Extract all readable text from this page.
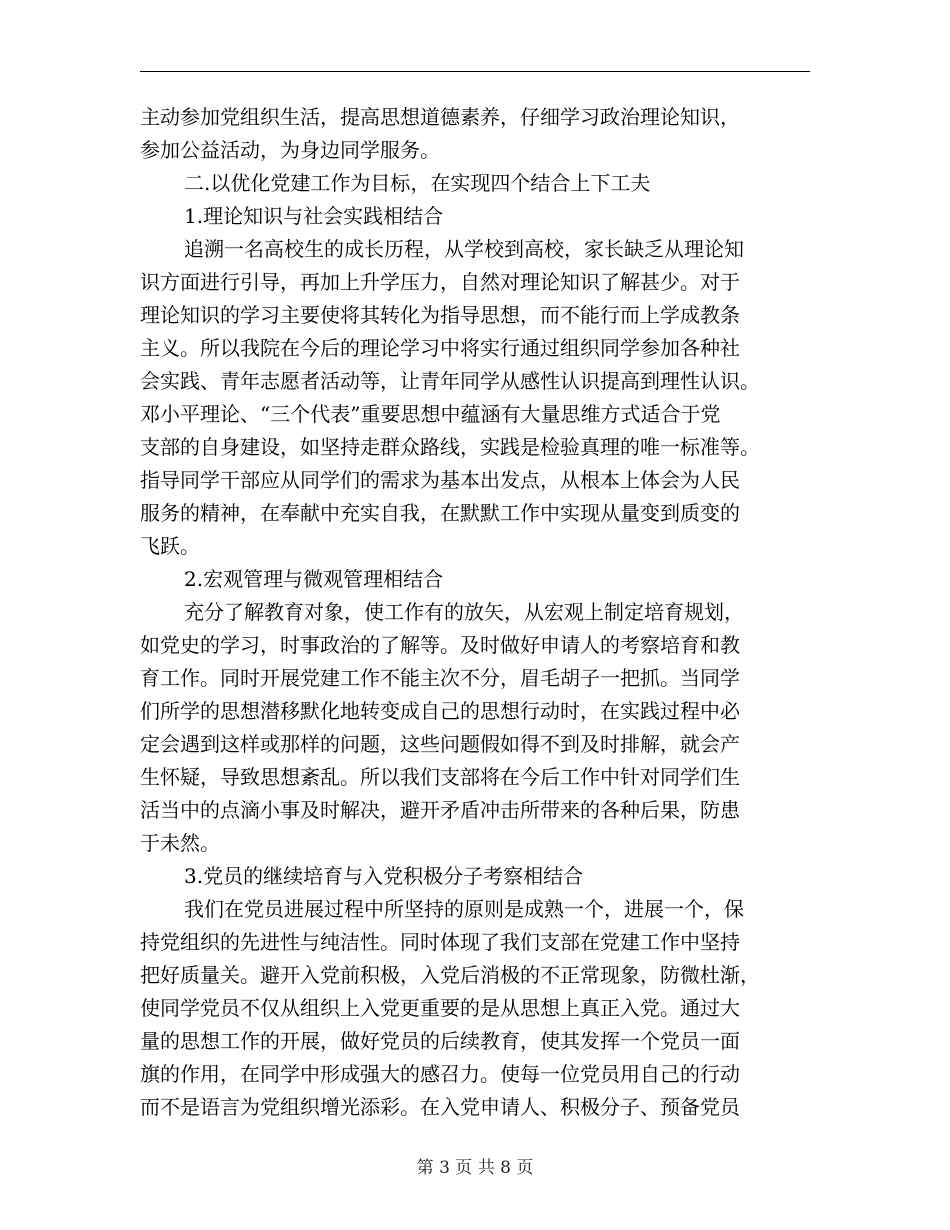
主动参加党组织生活，提高思想道德素养，仔细学习政治理论知识，
参加公益活动，为身边同学服务。
二.以优化党建工作为目标，在实现四个结合上下工夫
1.理论知识与社会实践相结合
追溯一名高校生的成长历程，从学校到高校，家长缺乏从理论知
识方面进行引导，再加上升学压力，自然对理论知识了解甚少。对于
理论知识的学习主要使将其转化为指导思想，而不能行而上学成教条
主义。所以我院在今后的理论学习中将实行通过组织同学参加各种社
会实践、青年志愿者活动等，让青年同学从感性认识提高到理性认识。
邓小平理论、“三个代表”重要思想中蕴涵有大量思维方式适合于党
支部的自身建设，如坚持走群众路线，实践是检验真理的唯一标准等。
指导同学干部应从同学们的需求为基本出发点，从根本上体会为人民
服务的精神，在奉献中充实自我，在默默工作中实现从量变到质变的
飞跃。
2.宏观管理与微观管理相结合
充分了解教育对象，使工作有的放矢，从宏观上制定培育规划，
如党史的学习，时事政治的了解等。及时做好申请人的考察培育和教
育工作。同时开展党建工作不能主次不分，眉毛胡子一把抓。当同学
们所学的思想潜移默化地转变成自己的思想行动时，在实践过程中必
定会遇到这样或那样的问题，这些问题假如得不到及时排解，就会产
生怀疑，导致思想紊乱。所以我们支部将在今后工作中针对同学们生
活当中的点滴小事及时解决，避开矛盾冲击所带来的各种后果，防患
于未然。
3.党员的继续培育与入党积极分子考察相结合
我们在党员进展过程中所坚持的原则是成熟一个，进展一个，保
持党组织的先进性与纯洁性。同时体现了我们支部在党建工作中坚持
把好质量关。避开入党前积极，入党后消极的不正常现象，防微杜渐，
使同学党员不仅从组织上入党更重要的是从思想上真正入党。通过大
量的思想工作的开展，做好党员的后续教育，使其发挥一个党员一面
旗的作用，在同学中形成强大的感召力。使每一位党员用自己的行动
而不是语言为党组织增光添彩。在入党申请人、积极分子、预备党员
第 3 页 共 8 页
